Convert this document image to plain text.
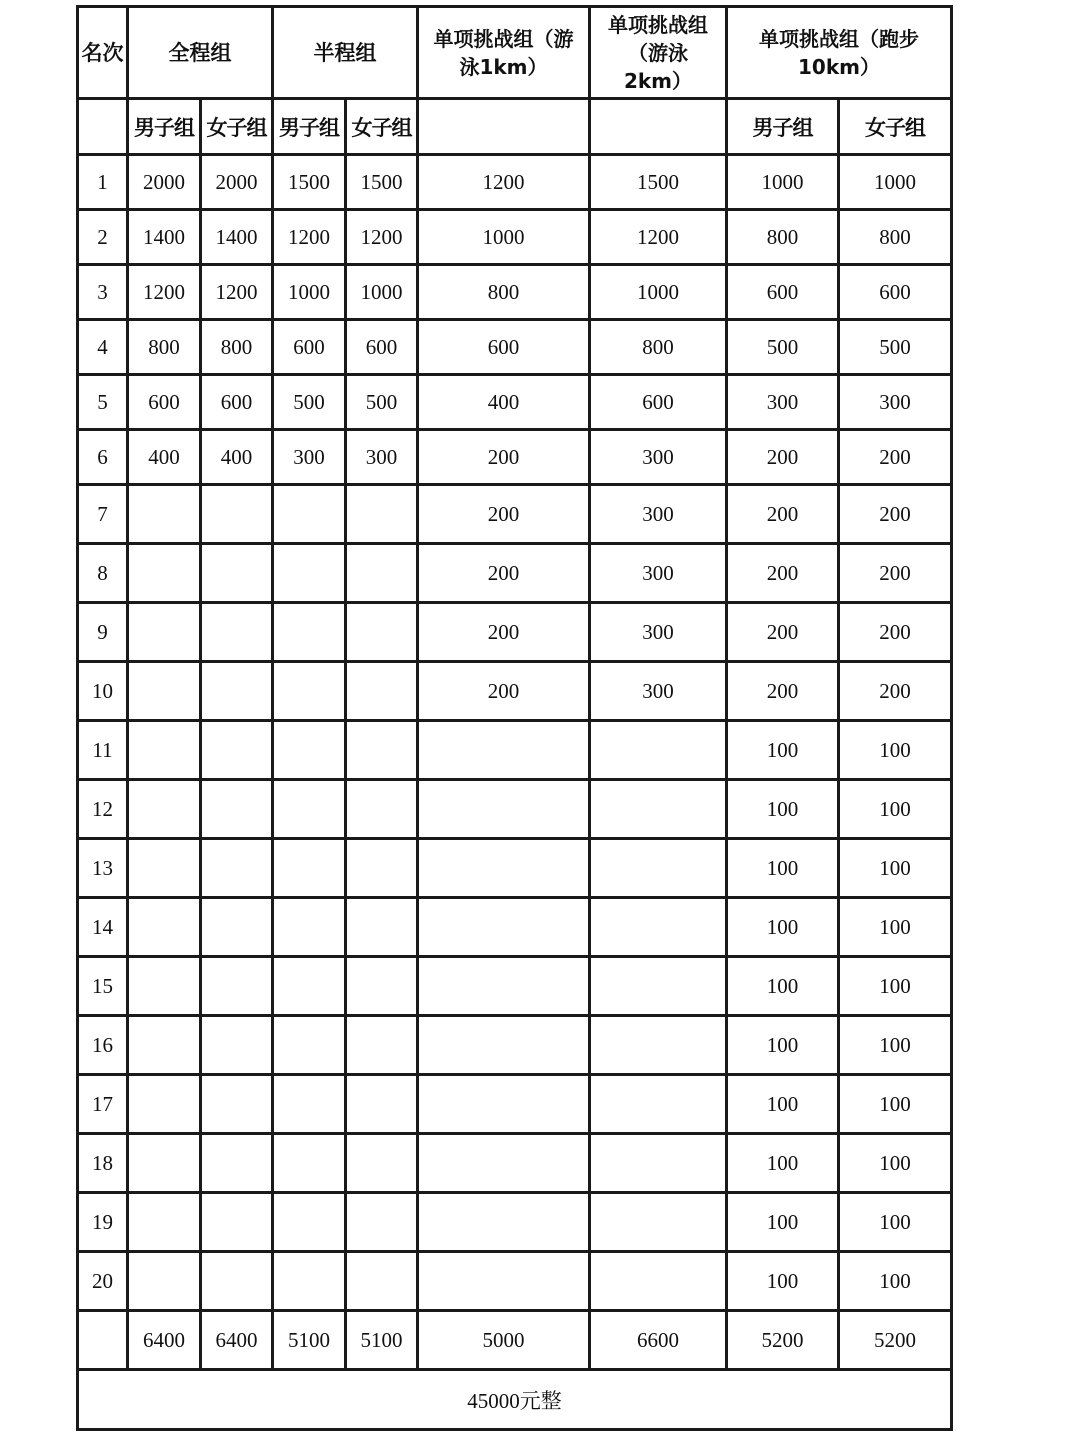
名次	全程组		半程组		单项挑战组（游泳1km）	单项挑战组（游泳2km）	单项挑战组（跑步10km）	
	男子组	女子组	男子组	女子组			男子组	女子组
1	2000	2000	1500	1500	1200	1500	1000	1000
2	1400	1400	1200	1200	1000	1200	800	800
3	1200	1200	1000	1000	800	1000	600	600
4	800	800	600	600	600	800	500	500
5	600	600	500	500	400	600	300	300
6	400	400	300	300	200	300	200	200
7					200	300	200	200
8					200	300	200	200
9					200	300	200	200
10					200	300	200	200
11							100	100
12							100	100
13							100	100
14							100	100
15							100	100
16							100	100
17							100	100
18							100	100
19							100	100
20							100	100
	6400	6400	5100	5100	5000	6600	5200	5200
45000元整								
